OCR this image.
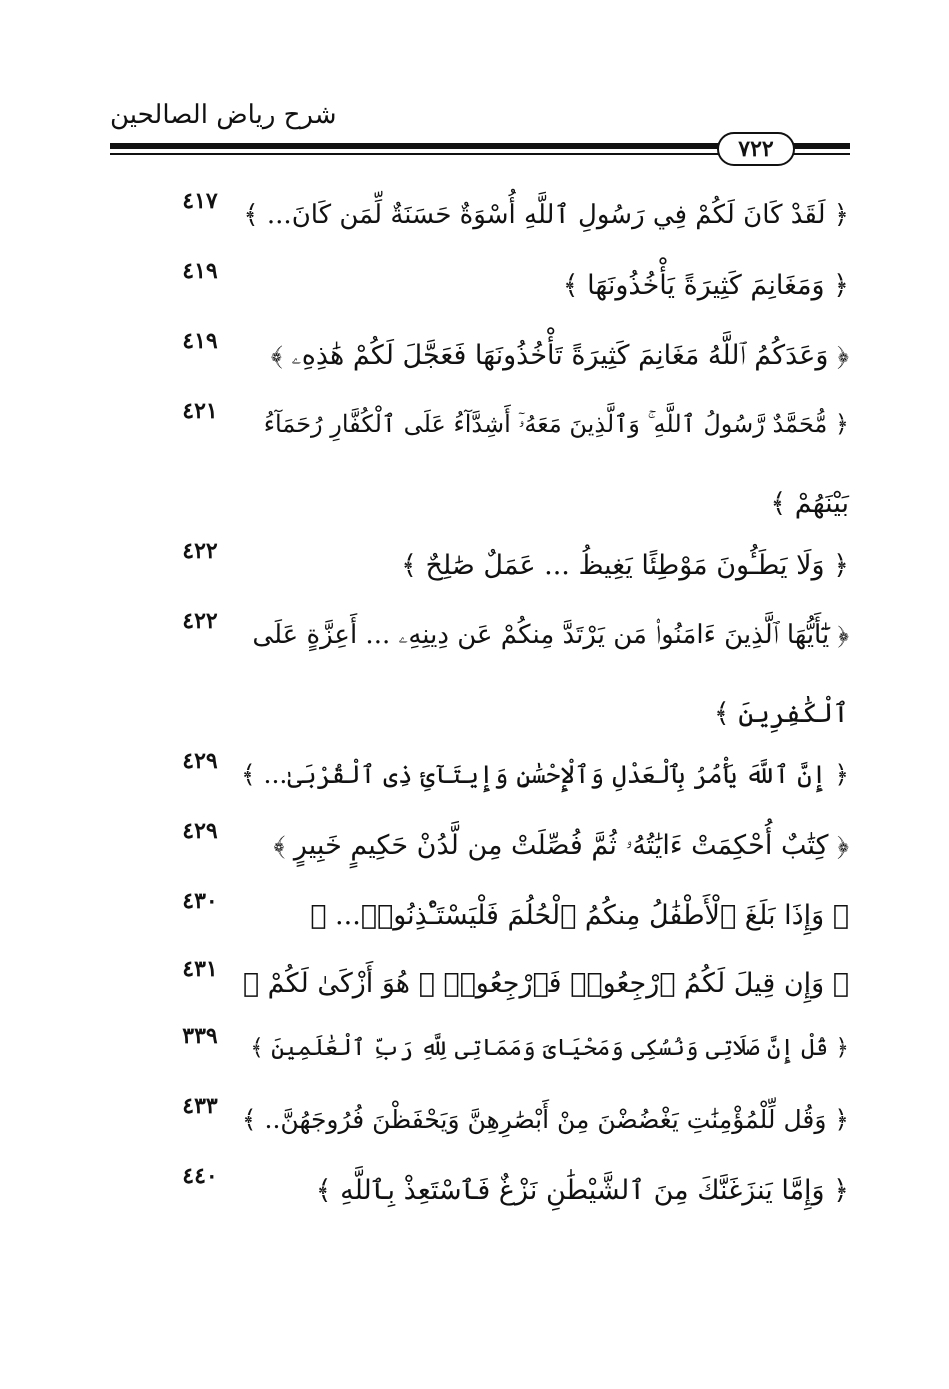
شرح رياض الصالحين
٧٢٢
﴿ لَقَدْ كَانَ لَكُمْ فِي رَسُولِ ٱللَّهِ أُسْوَةٌ حَسَنَةٌ لِّمَن كَانَ... ﴾
٤١٧
﴿ وَمَغَانِمَ كَثِيرَةً يَأْخُذُونَهَا ﴾
٤١٩
﴿ وَعَدَكُمُ ٱللَّهُ مَغَانِمَ كَثِيرَةً تَأْخُذُونَهَا فَعَجَّلَ لَكُمْ هَٰذِهِۦ ﴾
٤١٩
﴿ مُّحَمَّدٌ رَّسُولُ ٱللَّهِ ۚ وَٱلَّذِينَ مَعَهُۥٓ أَشِدَّآءُ عَلَى ٱلْكُفَّارِ رُحَمَآءُ
بَيْنَهُمْ ﴾
٤٢١
﴿ وَلَا يَطَـُٔونَ مَوْطِئًا يَغِيظُ ... عَمَلٌ صَٰلِحٌ ﴾
٤٢٢
﴿ يَٰٓأَيُّهَا ٱلَّذِينَ ءَامَنُوا۟ مَن يَرْتَدَّ مِنكُمْ عَن دِينِهِۦ ... أَعِزَّةٍ عَلَى
ٱلْكَٰفِرِينَ ﴾
٤٢٢
﴿ إِنَّ ٱللَّهَ يَأْمُرُ بِٱلْعَدْلِ وَٱلْإِحْسَٰنِ وَإِيتَآئِ ذِى ٱلْقُرْبَىٰ... ﴾
٤٢٩
﴿ كِتَٰبٌ أُحْكِمَتْ ءَايَٰتُهُۥ ثُمَّ فُصِّلَتْ مِن لَّدُنْ حَكِيمٍ خَبِيرٍ ﴾
٤٢٩
﴿ وَإِذَا بَلَغَ ٱلْأَطْفَٰلُ مِنكُمُ ٱلْحُلُمَ فَلْيَسْتَـْٔذِنُوا۟... ﴾
٤٣٠
﴿ وَإِن قِيلَ لَكُمُ ٱرْجِعُوا۟ فَٱرْجِعُوا۟ ۖ هُوَ أَزْكَىٰ لَكُمْ ﴾
٤٣١
﴿ قُلْ إِنَّ صَلَاتِى وَنُسُكِى وَمَحْيَاىَ وَمَمَاتِى لِلَّهِ رَبِّ ٱلْعَٰلَمِينَ ﴾
٣٣٩
﴿ وَقُل لِّلْمُؤْمِنَٰتِ يَغْضُضْنَ مِنْ أَبْصَٰرِهِنَّ وَيَحْفَظْنَ فُرُوجَهُنَّ.. ﴾
٤٣٣
﴿ وَإِمَّا يَنزَغَنَّكَ مِنَ ٱلشَّيْطَٰنِ نَزْغٌ فَٱسْتَعِذْ بِٱللَّهِ ﴾
٤٤٠
